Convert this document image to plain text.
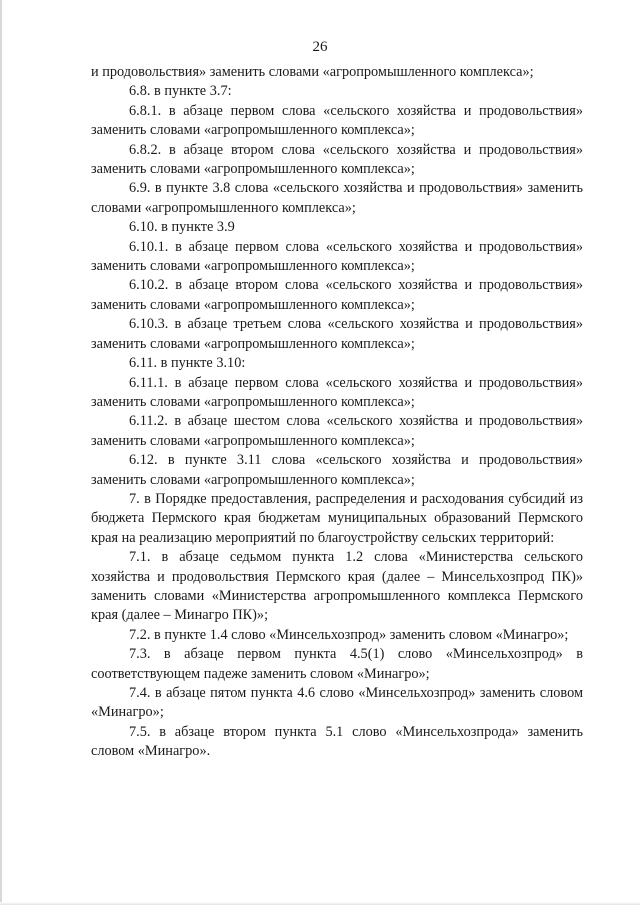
26

и продовольствия» заменить словами «агропромышленного комплекса»;

6.8. в пункте 3.7:

6.8.1. в абзаце первом слова «сельского хозяйства и продовольствия» заменить словами «агропромышленного комплекса»;

6.8.2. в абзаце втором слова «сельского хозяйства и продовольствия» заменить словами «агропромышленного комплекса»;

6.9. в пункте 3.8 слова «сельского хозяйства и продовольствия» заменить словами «агропромышленного комплекса»;

6.10. в пункте 3.9

6.10.1. в абзаце первом слова «сельского хозяйства и продовольствия» заменить словами «агропромышленного комплекса»;

6.10.2. в абзаце втором слова «сельского хозяйства и продовольствия» заменить словами «агропромышленного комплекса»;

6.10.3. в абзаце третьем слова «сельского хозяйства и продовольствия» заменить словами «агропромышленного комплекса»;

6.11. в пункте 3.10:

6.11.1. в абзаце первом слова «сельского хозяйства и продовольствия» заменить словами «агропромышленного комплекса»;

6.11.2. в абзаце шестом слова «сельского хозяйства и продовольствия» заменить словами «агропромышленного комплекса»;

6.12. в пункте 3.11 слова «сельского хозяйства и продовольствия» заменить словами «агропромышленного комплекса»;

7. в Порядке предоставления, распределения и расходования субсидий из бюджета Пермского края бюджетам муниципальных образований Пермского края на реализацию мероприятий по благоустройству сельских территорий:

7.1. в абзаце седьмом пункта 1.2 слова «Министерства сельского хозяйства и продовольствия Пермского края (далее – Минсельхозпрод ПК)» заменить словами «Министерства агропромышленного комплекса Пермского края (далее – Минагро ПК)»;

7.2. в пункте 1.4 слово «Минсельхозпрод» заменить словом «Минагро»;

7.3. в абзаце первом пункта 4.5(1) слово «Минсельхозпрод» в соответствующем падеже заменить словом «Минагро»;

7.4. в абзаце пятом пункта 4.6 слово «Минсельхозпрод» заменить словом «Минагро»;

7.5. в абзаце втором пункта 5.1 слово «Минсельхозпрода» заменить словом «Минагро».
